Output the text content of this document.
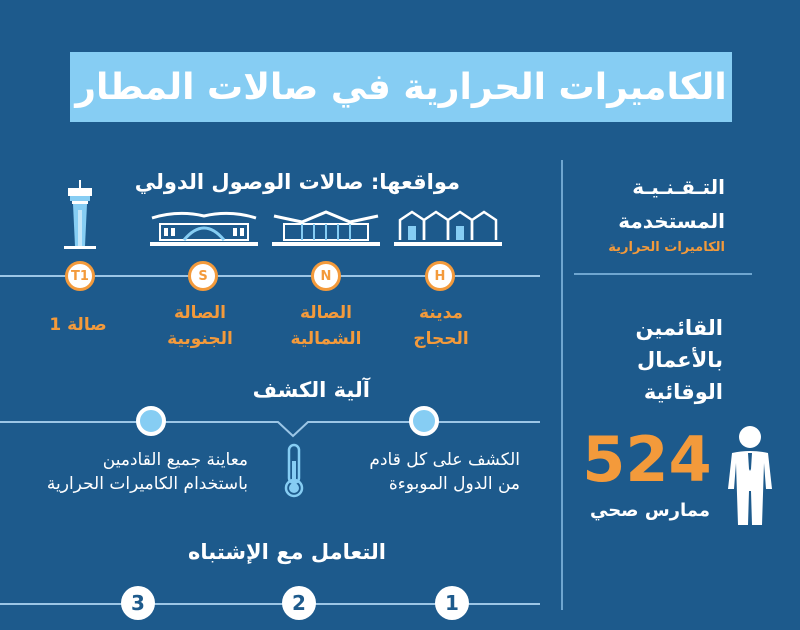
الكاميرات الحرارية في صالات المطار
مواقعها: صالات الوصول الدولي
H
N
S
T1
مدينة
الحجاج
الصالة
الشمالية
الصالة
الجنوبية
صالة 1
آلية الكشف
الكشف على كل قادم
من الدول الموبوءة
معاينة جميع القادمين
باستخدام الكاميرات الحرارية
التعامل مع الإشتباه
1
2
3
التـقـنـيـة
المستخدمة
الكاميرات الحرارية
القائمين
بالأعمال
الوقائية
524
ممارس صحي
